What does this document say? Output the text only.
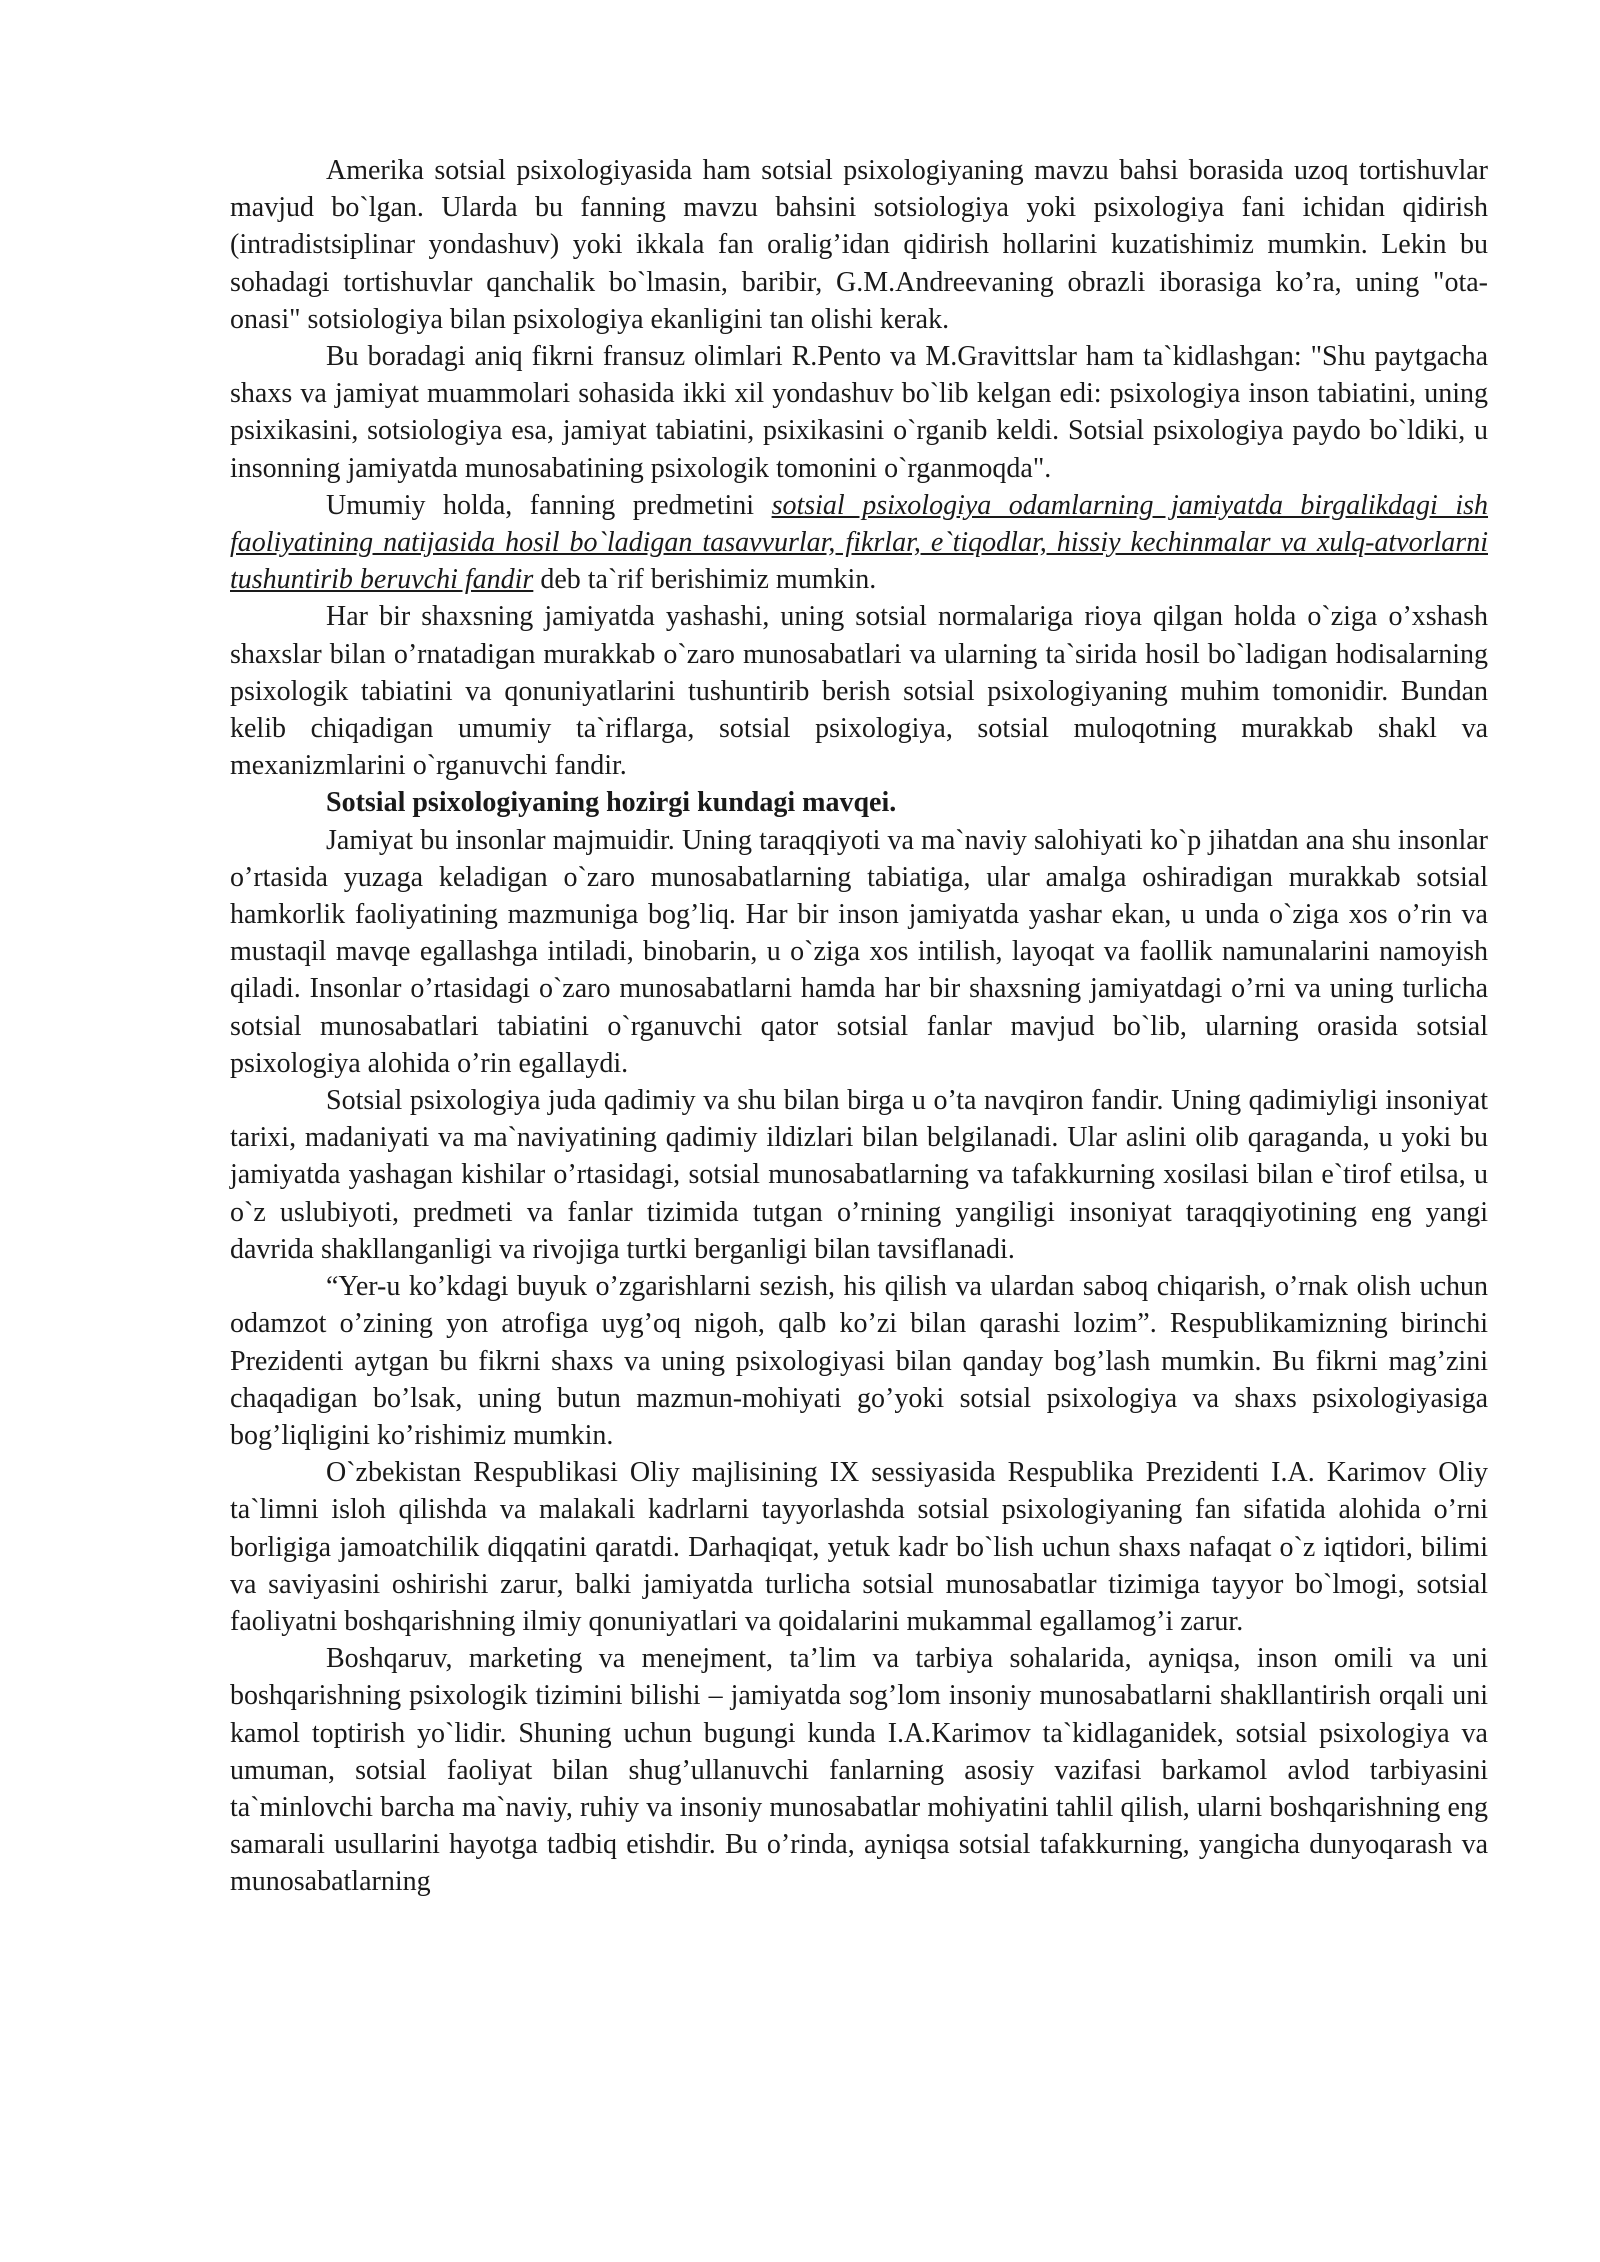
Amerika sotsial psixologiyasida ham sotsial psixologiyaning mavzu bahsi borasida uzoq tortishuvlar mavjud bo`lgan. Ularda bu fanning mavzu bahsini sotsiologiya yoki psixologiya fani ichidan qidirish (intradistsiplinar yondashuv) yoki ikkala fan oralig’idan qidirish hollarini kuzatishimiz mumkin. Lekin bu sohadagi tortishuvlar qanchalik bo`lmasin, baribir, G.M.Andreevaning obrazli iborasiga ko’ra, uning "ota-onasi" sotsiologiya bilan psixologiya ekanligini tan olishi kerak.

Bu boradagi aniq fikrni fransuz olimlari R.Pento va M.Gravittslar ham ta`kidlashgan: "Shu paytgacha shaxs va jamiyat muammolari sohasida ikki xil yondashuv bo`lib kelgan edi: psixologiya inson tabiatini, uning psixikasini, sotsiologiya esa, jamiyat tabiatini, psixikasini o`rganib keldi. Sotsial psixologiya paydo bo`ldiki, u insonning jamiyatda munosabatining psixologik tomonini o`rganmoqda".

Umumiy holda, fanning predmetini sotsial psixologiya odamlarning jamiyatda birgalikdagi ish faoliyatining natijasida hosil bo`ladigan tasavvurlar, fikrlar, e`tiqodlar, hissiy kechinmalar va xulq-atvorlarni tushuntirib beruvchi fandir deb ta`rif berishimiz mumkin.

Har bir shaxsning jamiyatda yashashi, uning sotsial normalariga rioya qilgan holda o`ziga o’xshash shaxslar bilan o’rnatadigan murakkab o`zaro munosabatlari va ularning ta`sirida hosil bo`ladigan hodisalarning psixologik tabiatini va qonuniyatlarini tushuntirib berish sotsial psixologiyaning muhim tomonidir. Bundan kelib chiqadigan umumiy ta`riflarga, sotsial psixologiya, sotsial muloqotning murakkab shakl va mexanizmlarini o`rganuvchi fandir.

Sotsial psixologiyaning hozirgi kundagi mavqei.

Jamiyat bu insonlar majmuidir. Uning taraqqiyoti va ma`naviy salohiyati ko`p jihatdan ana shu insonlar o’rtasida yuzaga keladigan o`zaro munosabatlarning tabiatiga, ular amalga oshiradigan murakkab sotsial hamkorlik faoliyatining mazmuniga bog’liq. Har bir inson jamiyatda yashar ekan, u unda o`ziga xos o’rin va mustaqil mavqe egallashga intiladi, binobarin, u o`ziga xos intilish, layoqat va faollik namunalarini namoyish qiladi. Insonlar o’rtasidagi o`zaro munosabatlarni hamda har bir shaxsning jamiyatdagi o’rni va uning turlicha sotsial munosabatlari tabiatini o`rganuvchi qator sotsial fanlar mavjud bo`lib, ularning orasida sotsial psixologiya alohida o’rin egallaydi.

Sotsial psixologiya juda qadimiy va shu bilan birga u o’ta navqiron fandir. Uning qadimiyligi insoniyat tarixi, madaniyati va ma`naviyatining qadimiy ildizlari bilan belgilanadi. Ular aslini olib qaraganda, u yoki bu jamiyatda yashagan kishilar o’rtasidagi, sotsial munosabatlarning va tafakkurning xosilasi bilan e`tirof etilsa, u o`z uslubiyoti, predmeti va fanlar tizimida tutgan o’rnining yangiligi insoniyat taraqqiyotining eng yangi davrida shakllanganligi va rivojiga turtki berganligi bilan tavsiflanadi.

“Yer-u ko’kdagi buyuk o’zgarishlarni sezish, his qilish va ulardan saboq chiqarish, o’rnak olish uchun odamzot o’zining yon atrofiga uyg’oq nigoh, qalb ko’zi bilan qarashi lozim”. Respublikamizning birinchi Prezidenti aytgan bu fikrni shaxs va uning psixologiyasi bilan qanday bog’lash mumkin. Bu fikrni mag’zini chaqadigan bo’lsak, uning butun mazmun-mohiyati go’yoki sotsial psixologiya va shaxs psixologiyasiga bog’liqligini ko’rishimiz mumkin.

O`zbekistan Respublikasi Oliy majlisining IX sessiyasida Respublika Prezidenti I.A. Karimov Oliy ta`limni isloh qilishda va malakali kadrlarni tayyorlashda sotsial psixologiyaning fan sifatida alohida o’rni borligiga jamoatchilik diqqatini qaratdi. Darhaqiqat, yetuk kadr bo`lish uchun shaxs nafaqat o`z iqtidori, bilimi va saviyasini oshirishi zarur, balki jamiyatda turlicha sotsial munosabatlar tizimiga tayyor bo`lmogi, sotsial faoliyatni boshqarishning ilmiy qonuniyatlari va qoidalarini mukammal egallamog’i zarur.

Boshqaruv, marketing va menejment, ta’lim va tarbiya sohalarida, ayniqsa, inson omili va uni boshqarishning psixologik tizimini bilishi – jamiyatda sog’lom insoniy munosabatlarni shakllantirish orqali uni kamol toptirish yo`lidir. Shuning uchun bugungi kunda I.A.Karimov ta`kidlaganidek, sotsial psixologiya va umuman, sotsial faoliyat bilan shug’ullanuvchi fanlarning asosiy vazifasi barkamol avlod tarbiyasini ta`minlovchi barcha ma`naviy, ruhiy va insoniy munosabatlar mohiyatini tahlil qilish, ularni boshqarishning eng samarali usullarini hayotga tadbiq etishdir. Bu o’rinda, ayniqsa sotsial tafakkurning, yangicha dunyoqarash va munosabatlarning
